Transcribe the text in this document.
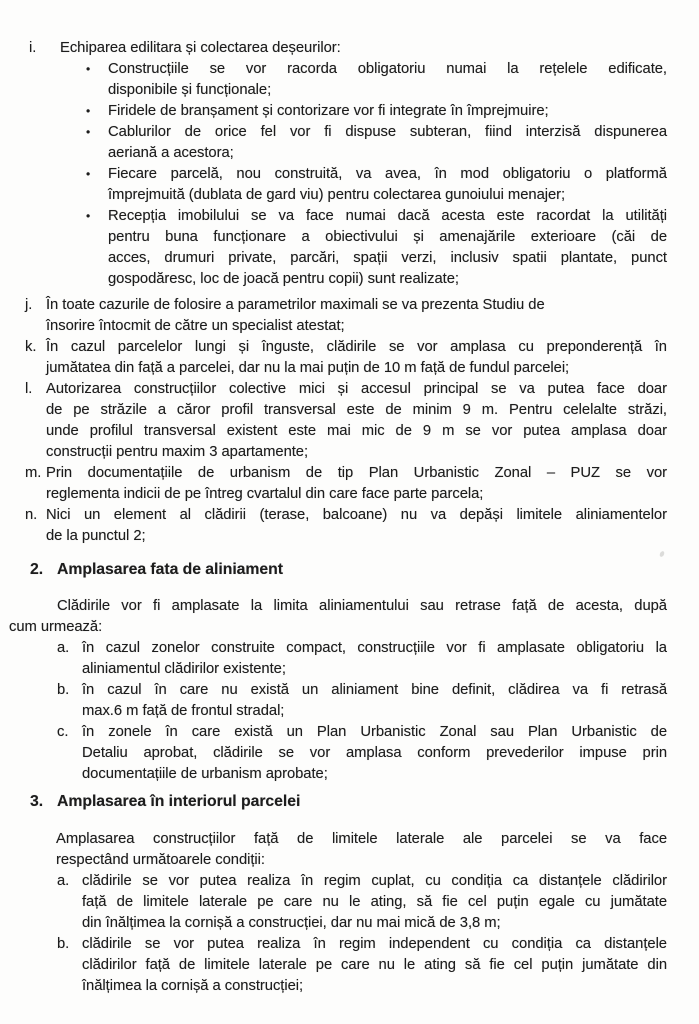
i.	Echiparea edilitara și colectarea deșeurilor:
•	Construcțiile se vor racorda obligatoriu numai la rețelele edificate,
disponibile și funcționale;
•	Firidele de branșament și contorizare vor fi integrate în împrejmuire;
•	Cablurilor de orice fel vor fi dispuse subteran, fiind interzisă dispunerea
aeriană a acestora;
•	Fiecare parcelă, nou construită, va avea, în mod obligatoriu o platformă
împrejmuită (dublata de gard viu) pentru colectarea gunoiului menajer;
•	Recepția imobilului se va face numai dacă acesta este racordat la utilități
pentru buna funcționare a obiectivului și amenajările exterioare (căi de
acces, drumuri private, parcări, spații verzi, inclusiv spatii plantate, punct
gospodăresc, loc de joacă pentru copii) sunt realizate;
j. În toate cazurile de folosire a parametrilor maximali se va prezenta Studiu de
însorire întocmit de către un specialist atestat;
k. În cazul parcelelor lungi și înguste, clădirile se vor amplasa cu preponderență în
jumătatea din față a parcelei, dar nu la mai puțin de 10 m față de fundul parcelei;
l. Autorizarea construcțiilor colective mici și accesul principal se va putea face doar
de pe străzile a căror profil transversal este de minim 9 m. Pentru celelalte străzi,
unde profilul transversal existent este mai mic de 9 m se vor putea amplasa doar
construcții pentru maxim 3 apartamente;
m. Prin documentațiile de urbanism de tip Plan Urbanistic Zonal – PUZ se vor
reglementa indicii de pe întreg cvartalul din care face parte parcela;
n. Nici un element al clădirii (terase, balcoane) nu va depăși limitele aliniamentelor
de la punctul 2;
2. Amplasarea fata de aliniament
Clădirile vor fi amplasate la limita aliniamentului sau retrase față de acesta, după
cum urmează:
a. în cazul zonelor construite compact, construcțiile vor fi amplasate obligatoriu la
aliniamentul clădirilor existente;
b. în cazul în care nu există un aliniament bine definit, clădirea va fi retrasă
max.6 m față de frontul stradal;
c. în zonele în care există un Plan Urbanistic Zonal sau Plan Urbanistic de
Detaliu aprobat, clădirile se vor amplasa conform prevederilor impuse prin
documentațiile de urbanism aprobate;
3. Amplasarea în interiorul parcelei
Amplasarea construcțiilor față de limitele laterale ale parcelei se va face
respectând următoarele condiții:
a. clădirile se vor putea realiza în regim cuplat, cu condiția ca distanțele clădirilor
față de limitele laterale pe care nu le ating, să fie cel puțin egale cu jumătate
din înălțimea la cornișă a construcției, dar nu mai mică de 3,8 m;
b. clădirile se vor putea realiza în regim independent cu condiția ca distanțele
clădirilor față de limitele laterale pe care nu le ating să fie cel puțin jumătate din
înălțimea la cornișă a construcției;
